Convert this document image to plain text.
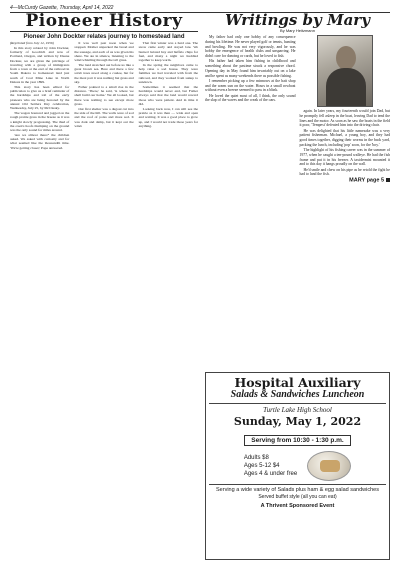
4—McCurdy Gazette, Thursday, April 14, 2022
Pioneer History
Pioneer John Dockter relates journey to homestead land

(Reprinted from July 12, 1956)

In this story related by John Dockter, formerly of Goodrich and now of Portland, Oregon, and written by Duane Dockter, we are given the privilege of traveling with a group of immigrants from a town at the end of the railroad in South Dakota to homestead land just south of Coal Mine Lake in North Dakota in the year 1899.

This story has been edited for publication to give us a brief reminder of the hardships and toil of the early pioneers who are being honored by the annual Old Settlers Day celebration, Wednesday, July 25, by McClusky.

The wagon bounced and jogged on the rough prairie grass in the breeze as it was a knight slowly progressing. The thud of the oxen's hoofs thumping on the ground was the only sound for miles around.

'Are we almost there?' the children asked. We asked with curiosity and for what seemed like the thousandth time. 'We're getting closer,' Papa answered.

It was well past noon when we stopped. Mother unpacked the bread and the sausage, and each of us was given his share. We ate in silence, listening to the wind whistling through the tall grass.

The land stretched out before us like a great brown sea. Here and there a few scrub trees stood along a coulee, but for the most part it was nothing but grass and sky.

Father pointed to a small rise in the distance. 'There,' he said, 'is where we shall build our home.' We all looked, but there was nothing to see except more grass.

Our first shelter was a dugout cut into the side of the hill. The walls were of sod and the roof of poles and more sod. It was dark and damp, but it kept out the wind.

That first winter was a hard one. The snow came early and stayed late. We burned twisted hay and buffalo chips for fuel, and many a night we huddled together to keep warm.

In the spring the neighbors came to help raise a sod house. They were families we had traveled with from the railroad, and they worked from sunup to sundown.

Sometimes it seemed that the hardships would never end, but Father always said that the land would reward those who were patient. And in time it did.

Looking back now, I can still see the prairie as it was then — wide and open and waiting. It was a good place to grow up, and I would not trade those years for anything.

Writings by Mary
By Mary Heitzmann

My father had only one hobby of any consequence during his lifetime. He never played golf or tennis, hunting and bowling. He was not very vigorously, and he was hobby the emergence of health clubs and unsparring. He didn't care for dancing or cards, but he loved to fish.

His father had taken him fishing in childhood and something about the pastime struck a responsive chord. Opening day in May found him invariably out on a lake and he spent as many weekends there as possible fishing.

I remember picking up a few minnows at the bait shop and the warm sun on the water. Hours in a small rowboat without even a breeze seemed to pass in a blink.

He loved the quiet most of all, I think, the only sound the slap of the waves and the creak of the oars.

again. In later years, my fourteenth would join Dad, but he promptly fell asleep in the boat, leaving Dad to tend the lines and the motor. As soon as he saw the boats in the field it poor, 'Tempest' defeated him into the driving chair.

He was delighted that his little namesake was a very patient fisherman. Michael, a young boy, and they had good times together, digging their worms in the back yard, packing the lunch, including 'pop' soon, for the 'boy.'

The highlight of his fishing career was in the summer of 1977, when he caught a ten-pound walleye. He had the fish frame and put it in his freezer. A taxidermist mounted it and to this day it hangs proudly on the wall.

He'd smile and chew on his pipe as he retold the fight he had to land the fish.

MARY page 5
Hospital Auxiliary
Salads & Sandwiches Luncheon
Turtle Lake High School
Sunday, May 1, 2022
Serving from 10:30 - 1:30 p.m.
Adults $8
Ages 5-12 $4
Ages 4 & under free
Serving a wide variety of Salads plus ham & egg salad sandwiches
Served buffet style (all you can eat)
A Thrivent Sponsored Event
